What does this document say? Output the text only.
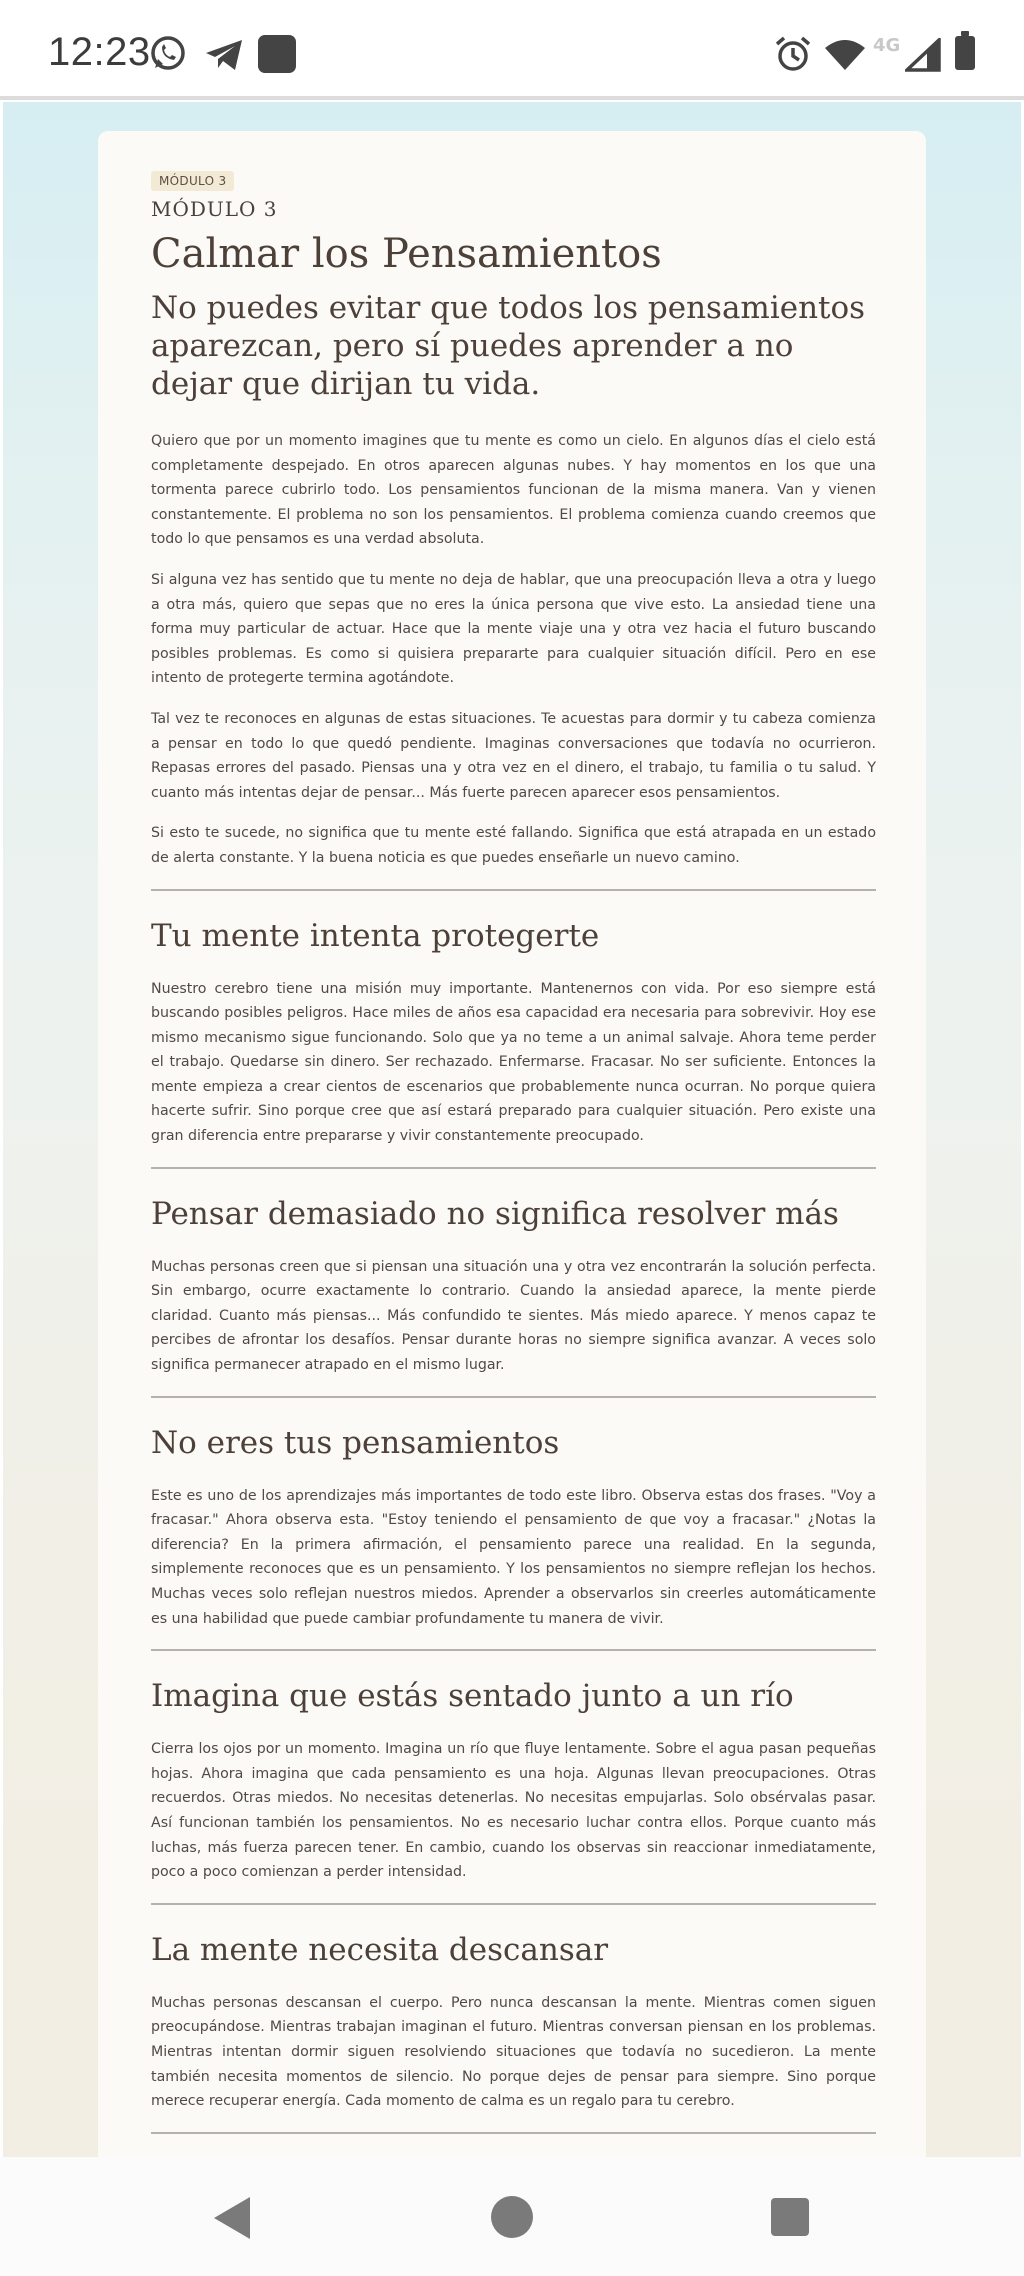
12:23	4G
MÓDULO 3
MÓDULO 3
Calmar los Pensamientos
No puedes evitar que todos los pensamientos aparezcan, pero sí puedes aprender a no dejar que dirijan tu vida.

Quiero que por un momento imagines que tu mente es como un cielo. En algunos días el cielo está completamente despejado. En otros aparecen algunas nubes. Y hay momentos en los que una tormenta parece cubrirlo todo. Los pensamientos funcionan de la misma manera. Van y vienen constantemente. El problema no son los pensamientos. El problema comienza cuando creemos que todo lo que pensamos es una verdad absoluta.

Si alguna vez has sentido que tu mente no deja de hablar, que una preocupación lleva a otra y luego a otra más, quiero que sepas que no eres la única persona que vive esto. La ansiedad tiene una forma muy particular de actuar. Hace que la mente viaje una y otra vez hacia el futuro buscando posibles problemas. Es como si quisiera prepararte para cualquier situación difícil. Pero en ese intento de protegerte termina agotándote.

Tal vez te reconoces en algunas de estas situaciones. Te acuestas para dormir y tu cabeza comienza a pensar en todo lo que quedó pendiente. Imaginas conversaciones que todavía no ocurrieron. Repasas errores del pasado. Piensas una y otra vez en el dinero, el trabajo, tu familia o tu salud. Y cuanto más intentas dejar de pensar... Más fuerte parecen aparecer esos pensamientos.

Si esto te sucede, no significa que tu mente esté fallando. Significa que está atrapada en un estado de alerta constante. Y la buena noticia es que puedes enseñarle un nuevo camino.

Tu mente intenta protegerte

Nuestro cerebro tiene una misión muy importante. Mantenernos con vida. Por eso siempre está buscando posibles peligros. Hace miles de años esa capacidad era necesaria para sobrevivir. Hoy ese mismo mecanismo sigue funcionando. Solo que ya no teme a un animal salvaje. Ahora teme perder el trabajo. Quedarse sin dinero. Ser rechazado. Enfermarse. Fracasar. No ser suficiente. Entonces la mente empieza a crear cientos de escenarios que probablemente nunca ocurran. No porque quiera hacerte sufrir. Sino porque cree que así estará preparado para cualquier situación. Pero existe una gran diferencia entre prepararse y vivir constantemente preocupado.

Pensar demasiado no significa resolver más

Muchas personas creen que si piensan una situación una y otra vez encontrarán la solución perfecta. Sin embargo, ocurre exactamente lo contrario. Cuando la ansiedad aparece, la mente pierde claridad. Cuanto más piensas... Más confundido te sientes. Más miedo aparece. Y menos capaz te percibes de afrontar los desafíos. Pensar durante horas no siempre significa avanzar. A veces solo significa permanecer atrapado en el mismo lugar.

No eres tus pensamientos

Este es uno de los aprendizajes más importantes de todo este libro. Observa estas dos frases. "Voy a fracasar." Ahora observa esta. "Estoy teniendo el pensamiento de que voy a fracasar." ¿Notas la diferencia? En la primera afirmación, el pensamiento parece una realidad. En la segunda, simplemente reconoces que es un pensamiento. Y los pensamientos no siempre reflejan los hechos. Muchas veces solo reflejan nuestros miedos. Aprender a observarlos sin creerles automáticamente es una habilidad que puede cambiar profundamente tu manera de vivir.

Imagina que estás sentado junto a un río

Cierra los ojos por un momento. Imagina un río que fluye lentamente. Sobre el agua pasan pequeñas hojas. Ahora imagina que cada pensamiento es una hoja. Algunas llevan preocupaciones. Otras recuerdos. Otras miedos. No necesitas detenerlas. No necesitas empujarlas. Solo obsérvalas pasar. Así funcionan también los pensamientos. No es necesario luchar contra ellos. Porque cuanto más luchas, más fuerza parecen tener. En cambio, cuando los observas sin reaccionar inmediatamente, poco a poco comienzan a perder intensidad.

La mente necesita descansar

Muchas personas descansan el cuerpo. Pero nunca descansan la mente. Mientras comen siguen preocupándose. Mientras trabajan imaginan el futuro. Mientras conversan piensan en los problemas. Mientras intentan dormir siguen resolviendo situaciones que todavía no sucedieron. La mente también necesita momentos de silencio. No porque dejes de pensar para siempre. Sino porque merece recuperar energía. Cada momento de calma es un regalo para tu cerebro.
